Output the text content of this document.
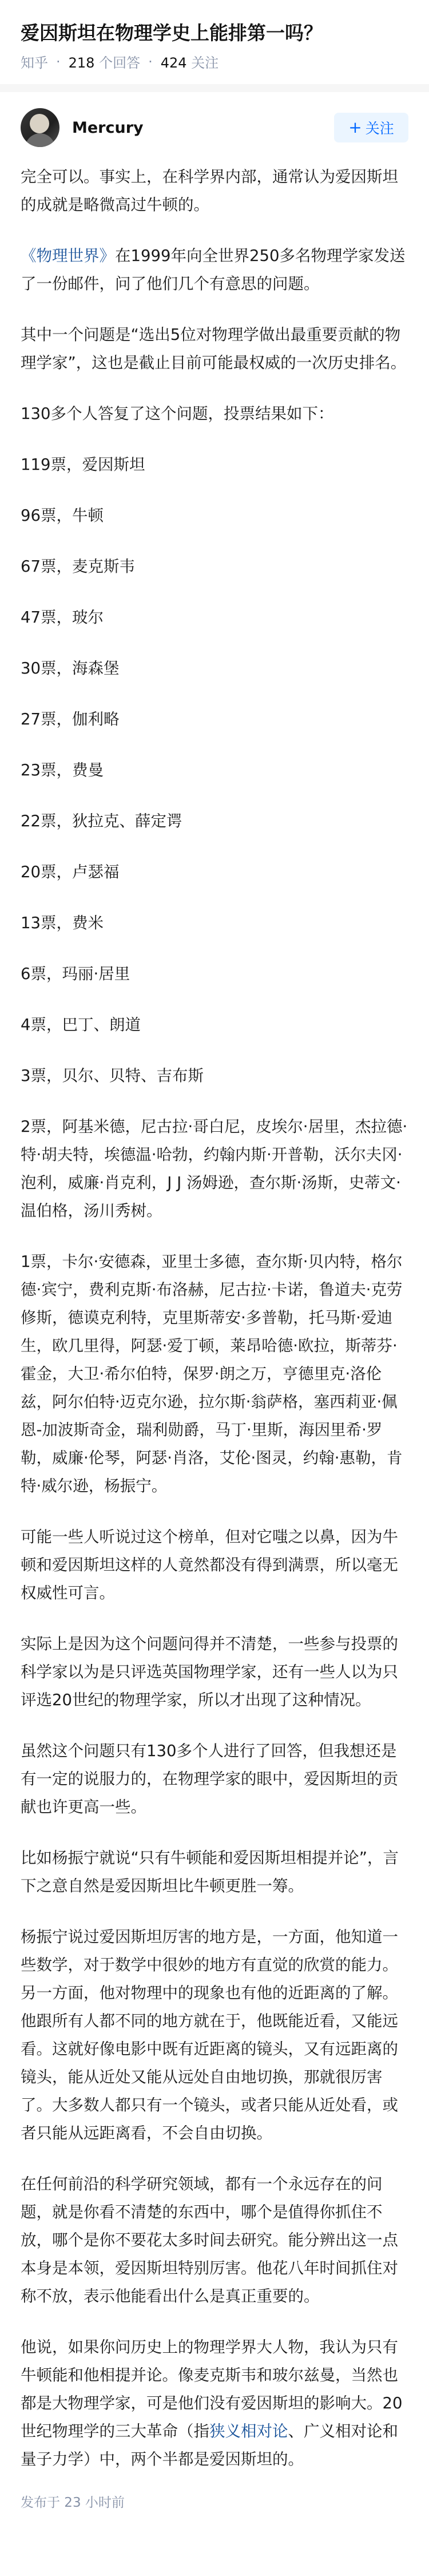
爱因斯坦在物理学史上能排第一吗？
知乎 · 218 个回答 · 424 关注
Mercury	+ 关注

完全可以。事实上，在科学界内部，通常认为爱因斯坦的成就是略微高过牛顿的。

《物理世界》在1999年向全世界250多名物理学家发送了一份邮件，问了他们几个有意思的问题。

其中一个问题是“选出5位对物理学做出最重要贡献的物理学家”，这也是截止目前可能最权威的一次历史排名。

130多个人答复了这个问题，投票结果如下：

119票，爱因斯坦

96票，牛顿

67票，麦克斯韦

47票，玻尔

30票，海森堡

27票，伽利略

23票，费曼

22票，狄拉克、薛定谔

20票，卢瑟福

13票，费米

6票，玛丽·居里

4票，巴丁、朗道

3票，贝尔、贝特、吉布斯

2票，阿基米德，尼古拉·哥白尼，皮埃尔·居里，杰拉德·特·胡夫特，埃德温·哈勃，约翰内斯·开普勒，沃尔夫冈·泡利，威廉·肖克利，J J 汤姆逊，查尔斯·汤斯，史蒂文·温伯格，汤川秀树。

1票，卡尔·安德森，亚里士多德，查尔斯·贝内特，格尔德·宾宁，费利克斯·布洛赫，尼古拉·卡诺，鲁道夫·克劳修斯，德谟克利特，克里斯蒂安·多普勒，托马斯·爱迪生，欧几里得，阿瑟·爱丁顿，莱昂哈德·欧拉，斯蒂芬·霍金，大卫·希尔伯特，保罗·朗之万，亨德里克·洛伦兹，阿尔伯特·迈克尔逊，拉尔斯·翁萨格，塞西莉亚·佩恩-加波斯奇金，瑞利勋爵，马丁·里斯，海因里希·罗勒，威廉·伦琴，阿瑟·肖洛，艾伦·图灵，约翰·惠勒，肯特·威尔逊，杨振宁。

可能一些人听说过这个榜单，但对它嗤之以鼻，因为牛顿和爱因斯坦这样的人竟然都没有得到满票，所以毫无权威性可言。

实际上是因为这个问题问得并不清楚，一些参与投票的科学家以为是只评选英国物理学家，还有一些人以为只评选20世纪的物理学家，所以才出现了这种情况。

虽然这个问题只有130多个人进行了回答，但我想还是有一定的说服力的，在物理学家的眼中，爱因斯坦的贡献也许更高一些。

比如杨振宁就说“只有牛顿能和爱因斯坦相提并论”，言下之意自然是爱因斯坦比牛顿更胜一筹。

杨振宁说过爱因斯坦厉害的地方是，一方面，他知道一些数学，对于数学中很妙的地方有直觉的欣赏的能力。另一方面，他对物理中的现象也有他的近距离的了解。他跟所有人都不同的地方就在于，他既能近看，又能远看。这就好像电影中既有近距离的镜头，又有远距离的镜头，能从近处又能从远处自由地切换，那就很厉害了。大多数人都只有一个镜头，或者只能从近处看，或者只能从远距离看，不会自由切换。

在任何前沿的科学研究领域，都有一个永远存在的问题，就是你看不清楚的东西中，哪个是值得你抓住不放，哪个是你不要花太多时间去研究。能分辨出这一点本身是本领，爱因斯坦特别厉害。他花八年时间抓住对称不放，表示他能看出什么是真正重要的。

他说，如果你问历史上的物理学界大人物，我认为只有牛顿能和他相提并论。像麦克斯韦和玻尔兹曼，当然也都是大物理学家，可是他们没有爱因斯坦的影响大。20世纪物理学的三大革命（指狭义相对论、广义相对论和量子力学）中，两个半都是爱因斯坦的。

发布于 23 小时前
